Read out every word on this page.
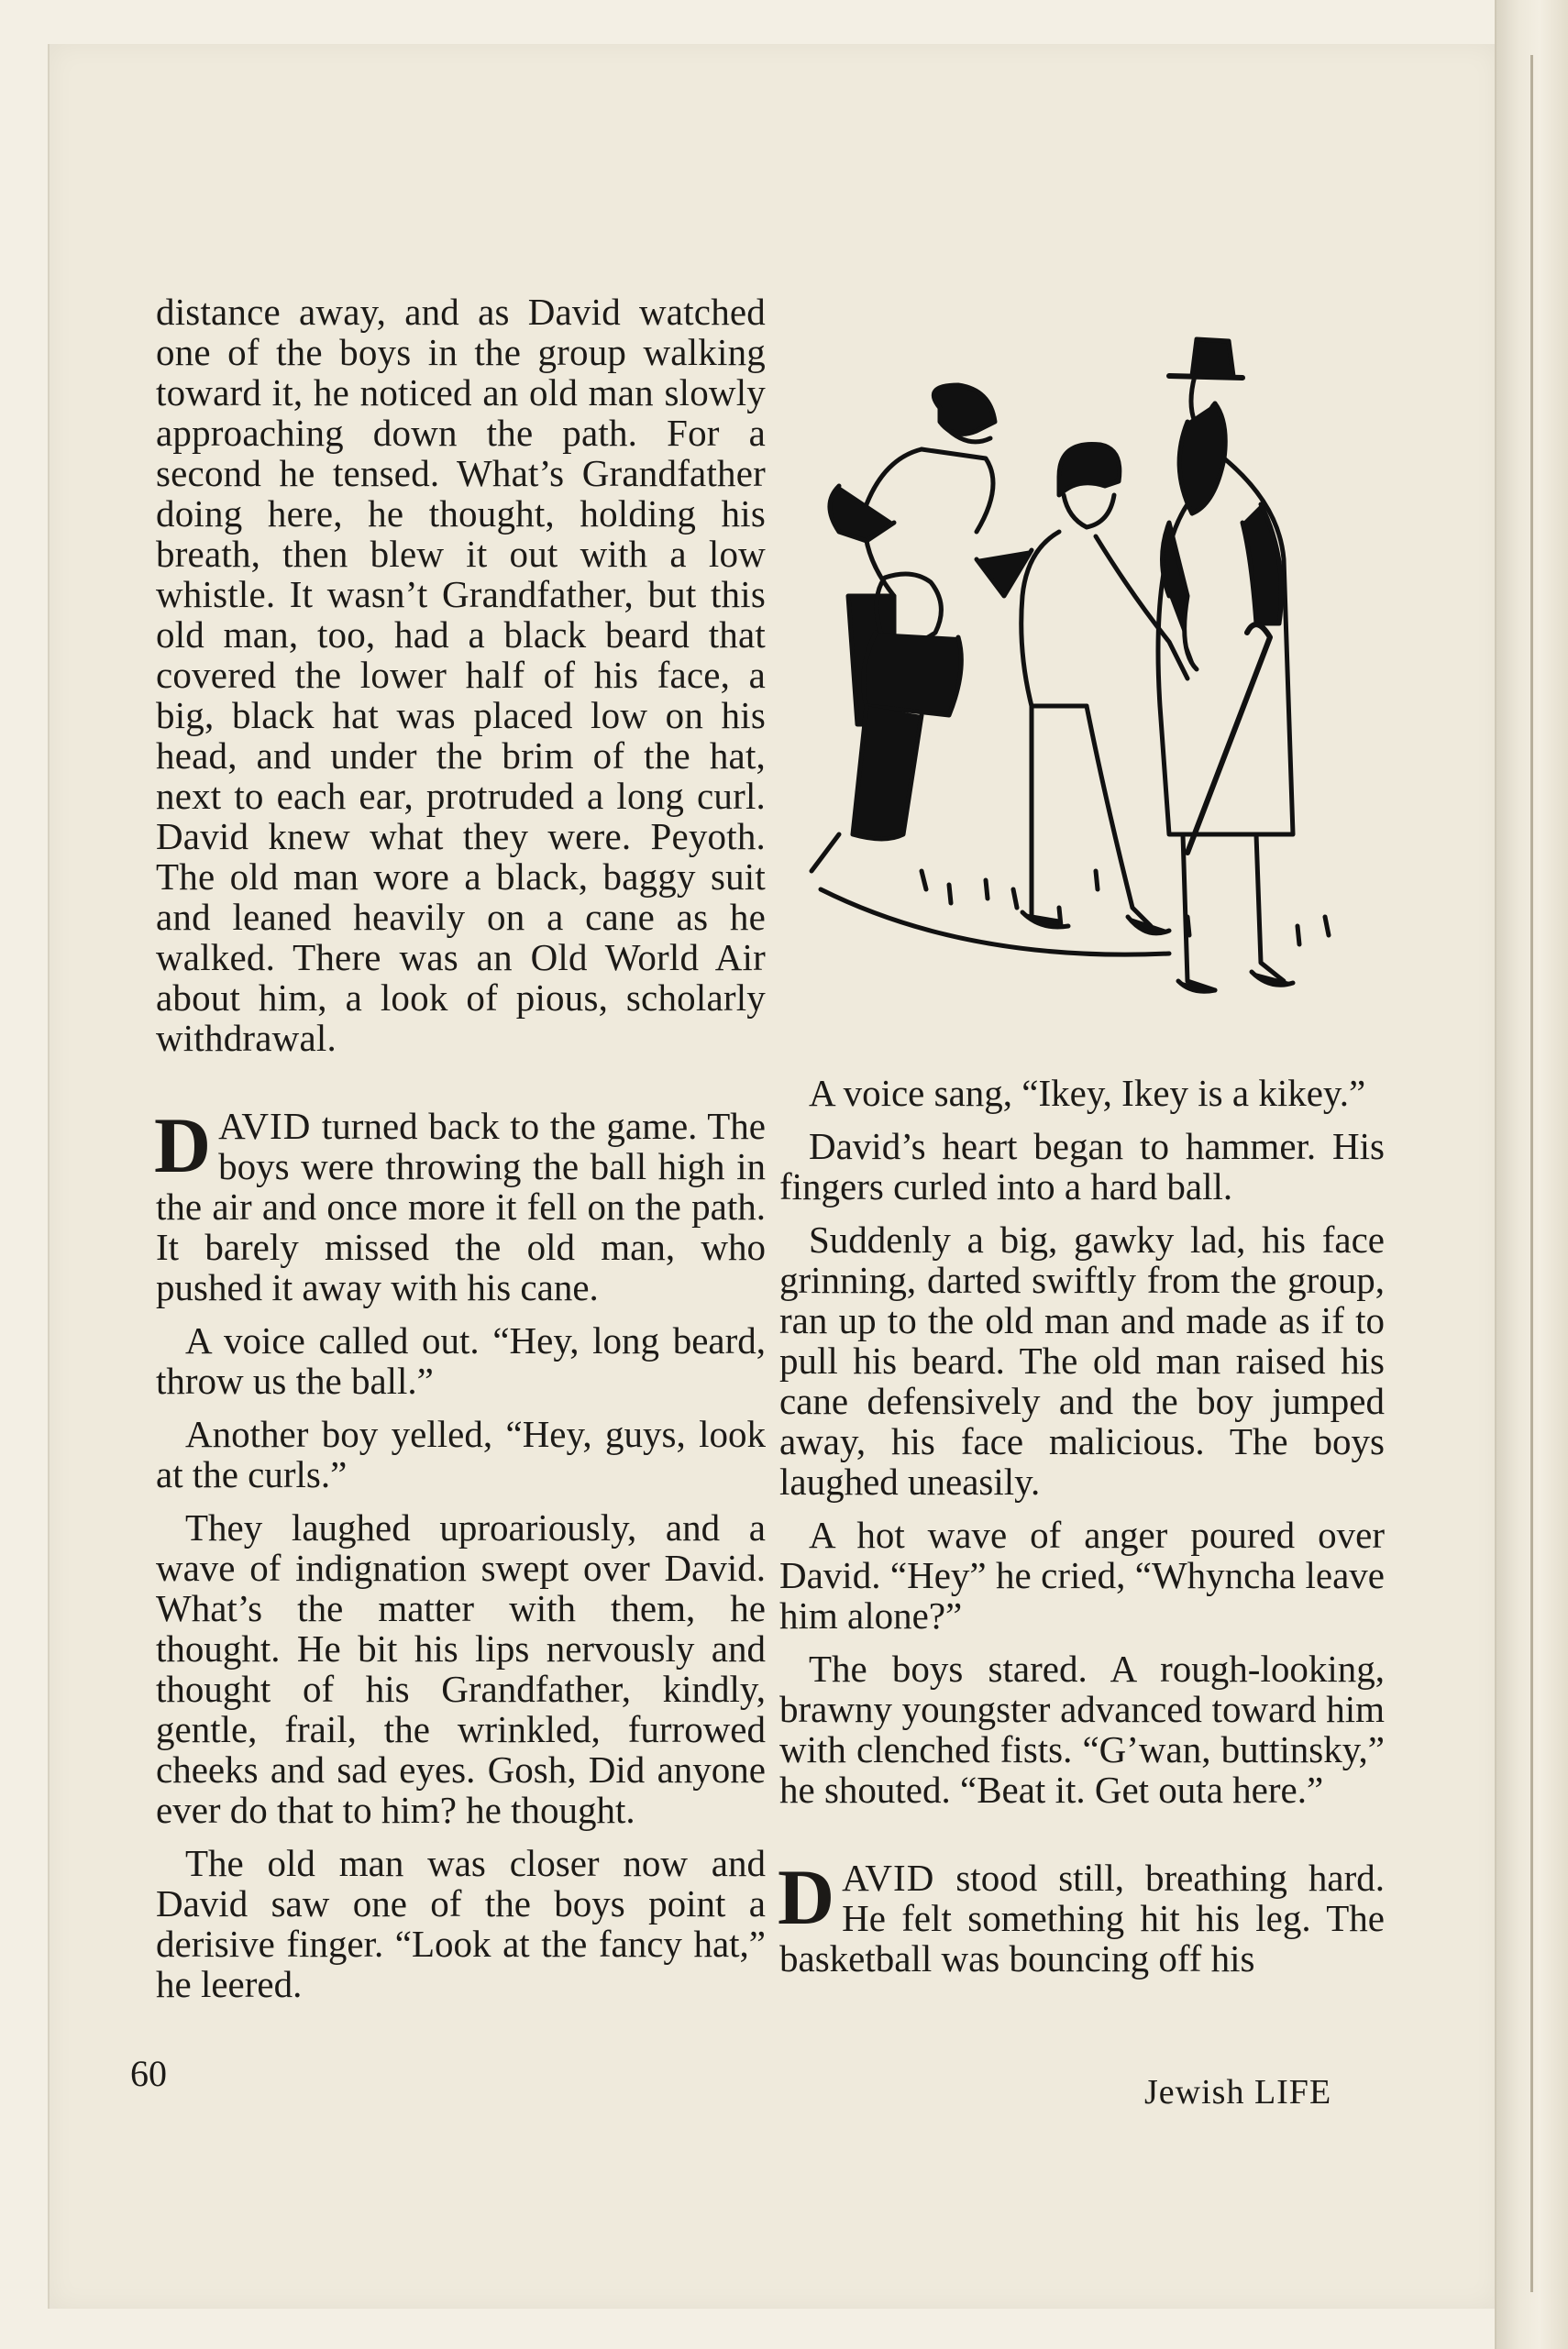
distance away, and as David watched one of the boys in the group walking toward it, he noticed an old man slowly approaching down the path. For a second he tensed. What’s Grandfather doing here, he thought, holding his breath, then blew it out with a low whistle. It wasn’t Grandfather, but this old man, too, had a black beard that covered the lower half of his face, a big, black hat was placed low on his head, and under the brim of the hat, next to each ear, protruded a long curl. David knew what they were. Peyoth. The old man wore a black, baggy suit and leaned heavily on a cane as he walked. There was an Old World Air about him, a look of pious, scholarly withdrawal.

DAVID turned back to the game. The boys were throwing the ball high in the air and once more it fell on the path. It barely missed the old man, who pushed it away with his cane.

A voice called out. “Hey, long beard, throw us the ball.”

Another boy yelled, “Hey, guys, look at the curls.”

They laughed uproariously, and a wave of indignation swept over David. What’s the matter with them, he thought. He bit his lips nervously and thought of his Grandfather, kindly, gentle, frail, the wrinkled, furrowed cheeks and sad eyes. Gosh, Did anyone ever do that to him? he thought.

The old man was closer now and David saw one of the boys point a derisive finger. “Look at the fancy hat,” he leered.

A voice sang, “Ikey, Ikey is a kikey.”

David’s heart began to hammer. His fingers curled into a hard ball.

Suddenly a big, gawky lad, his face grinning, darted swiftly from the group, ran up to the old man and made as if to pull his beard. The old man raised his cane defensively and the boy jumped away, his face malicious. The boys laughed uneasily.

A hot wave of anger poured over David. “Hey” he cried, “Whyncha leave him alone?”

The boys stared. A rough-looking, brawny youngster advanced toward him with clenched fists. “G’wan, buttinsky,” he shouted. “Beat it. Get outa here.”

DAVID stood still, breathing hard. He felt something hit his leg. The basketball was bouncing off his

60	Jewish LIFE
